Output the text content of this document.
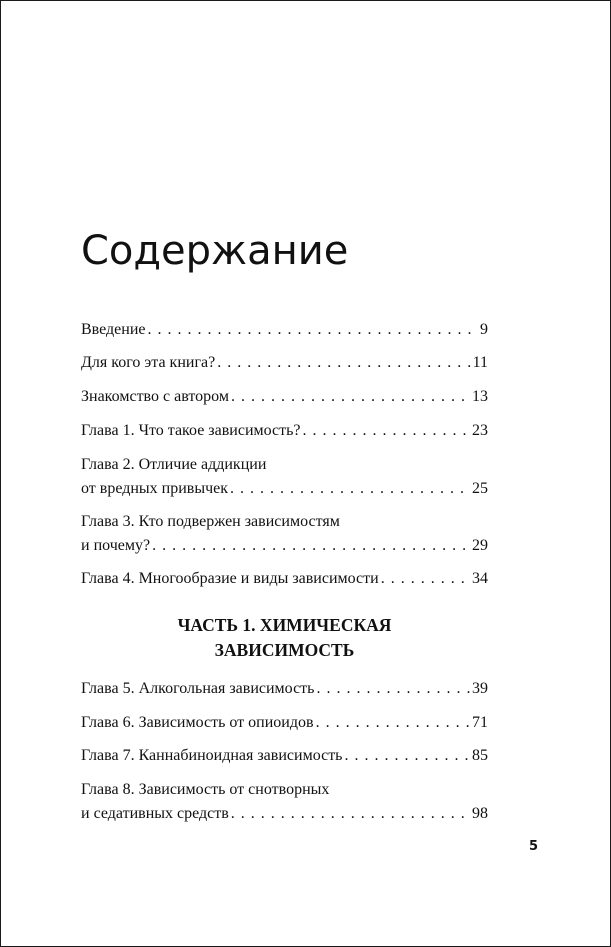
Содержание
Введение . . .	9
Для кого эта книга? . . .	11
Знакомство с автором . . .	13
Глава 1. Что такое зависимость? . . .	23
Глава 2. Отличие аддикции
от вредных привычек . . .	25
Глава 3. Кто подвержен зависимостям
и почему? . . .	29
Глава 4. Многообразие и виды зависимости . . .	34
Глава 5. Алкогольная зависимость . . .	39
Глава 6. Зависимость от опиоидов . . .	71
Глава 7. Каннабиноидная зависимость . . .	85
Глава 8. Зависимость от снотворных
и седативных средств . . .	98
ЧАСТЬ 1. ХИМИЧЕСКАЯ
ЗАВИСИМОСТЬ
5
